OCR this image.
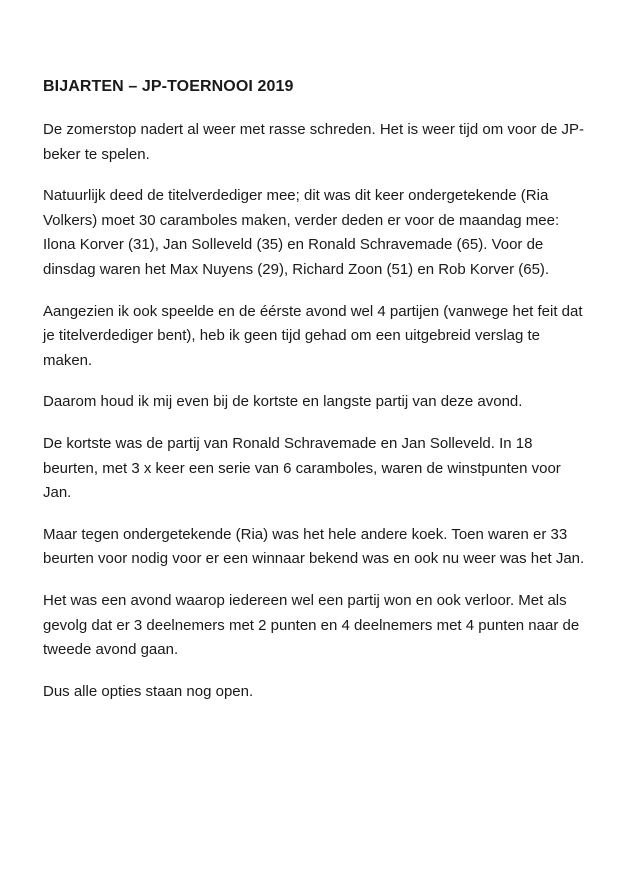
BIJARTEN – JP-TOERNOOI 2019

De zomerstop nadert al weer met rasse schreden. Het is weer tijd om voor de JP-beker te spelen.

Natuurlijk deed de titelverdediger mee; dit was dit keer ondergetekende (Ria Volkers) moet 30 caramboles maken, verder deden er voor de maandag mee: Ilona Korver (31), Jan Solleveld (35) en Ronald Schravemade (65). Voor de dinsdag waren het Max Nuyens (29), Richard Zoon (51) en Rob Korver (65).

Aangezien ik ook speelde en de éérste avond wel 4 partijen (vanwege het feit dat je titelverdediger bent), heb ik geen tijd gehad om een uitgebreid verslag te maken.

Daarom houd ik mij even bij de kortste en langste partij van deze avond.

De kortste was de partij van Ronald Schravemade en Jan Solleveld. In 18 beurten, met 3 x keer een serie van 6 caramboles, waren de winstpunten voor Jan.

Maar tegen ondergetekende (Ria) was het hele andere koek. Toen waren er 33 beurten voor nodig voor er een winnaar bekend was en ook nu weer was het Jan.

Het was een avond waarop iedereen wel een partij won en ook verloor. Met als gevolg dat er 3 deelnemers met 2 punten en 4 deelnemers met 4 punten naar de tweede avond gaan.

Dus alle opties staan nog open.
